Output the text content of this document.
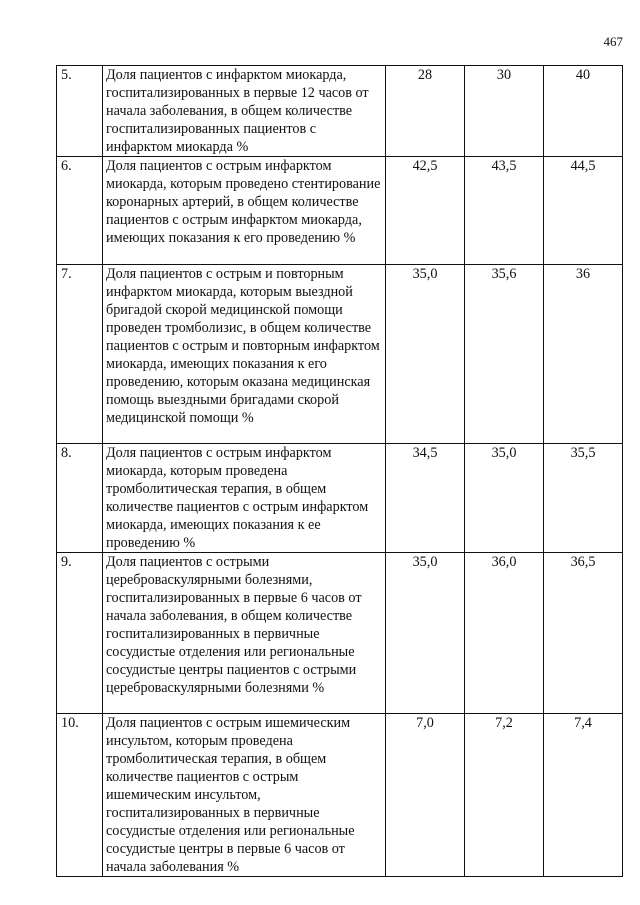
467
5.	Доля пациентов с инфарктом миокарда, госпитализированных в первые 12 часов от начала заболевания, в общем количестве госпитализированных пациентов с инфарктом миокарда %	28	30	40
6.	Доля пациентов с острым инфарктом миокарда, которым проведено стентирование коронарных артерий, в общем количестве пациентов с острым инфарктом миокарда, имеющих показания к его проведению %	42,5	43,5	44,5
7.	Доля пациентов с острым и повторным инфарктом миокарда, которым выездной бригадой скорой медицинской помощи проведен тромболизис, в общем количестве пациентов с острым и повторным инфарктом миокарда, имеющих показания к его проведению, которым оказана медицинская помощь выездными бригадами скорой медицинской помощи %	35,0	35,6	36
8.	Доля пациентов с острым инфарктом миокарда, которым проведена тромболитическая терапия, в общем количестве пациентов с острым инфарктом миокарда, имеющих показания к ее проведению %	34,5	35,0	35,5
9.	Доля пациентов с острыми цереброваскулярными болезнями, госпитализированных в первые 6 часов от начала заболевания, в общем количестве госпитализированных в первичные сосудистые отделения или региональные сосудистые центры пациентов с острыми цереброваскулярными болезнями %	35,0	36,0	36,5
10.	Доля пациентов с острым ишемическим инсультом, которым проведена тромболитическая терапия, в общем количестве пациентов с острым ишемическим инсультом, госпитализированных в первичные сосудистые отделения или региональные сосудистые центры в первые 6 часов от начала заболевания %	7,0	7,2	7,4
